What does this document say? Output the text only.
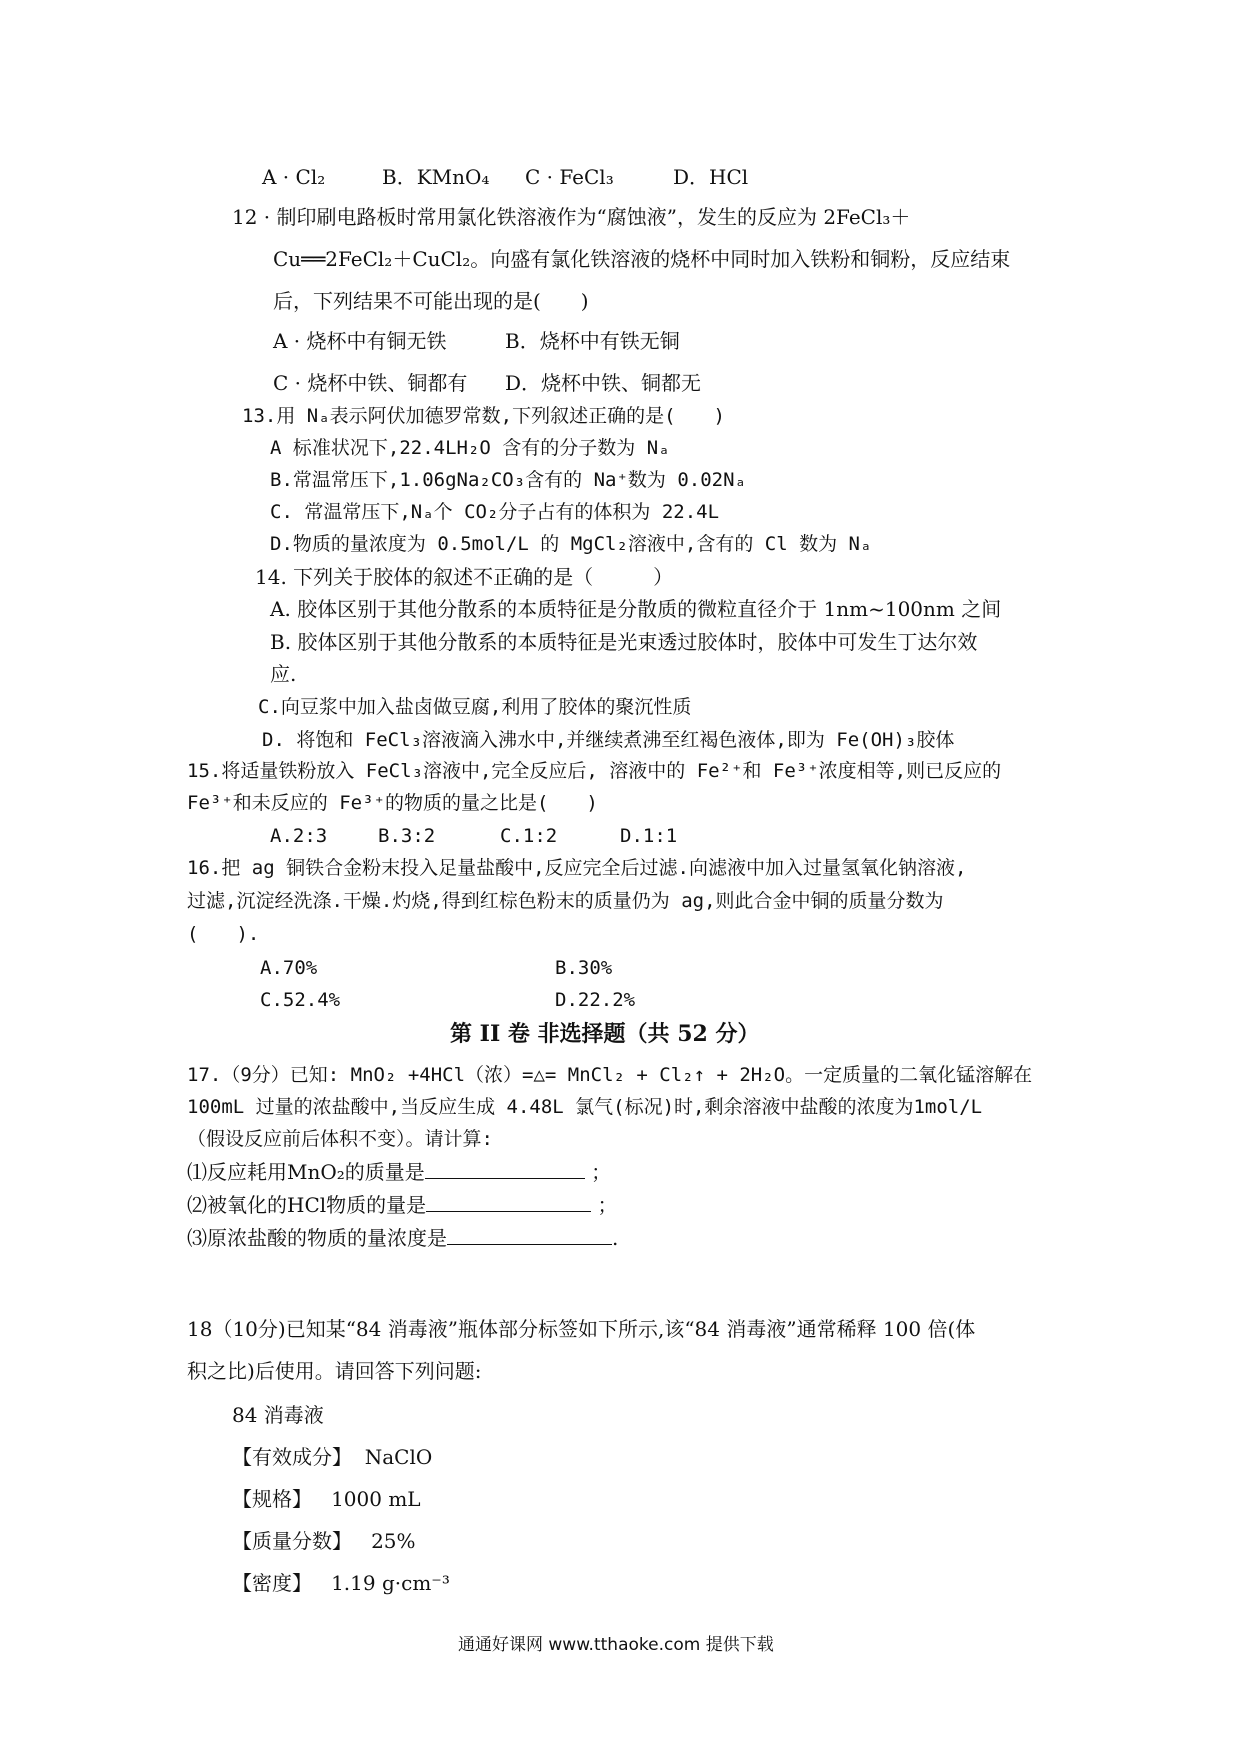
A · Cl₂	B．KMnO₄ C · FeCl₃	D．HCl
12 · 制印刷电路板时常用氯化铁溶液作为“腐蚀液”，发生的反应为 2FeCl₃＋
Cu══2FeCl₂＋CuCl₂。向盛有氯化铁溶液的烧杯中同时加入铁粉和铜粉，反应结束
后，下列结果不可能出现的是(　　)
A · 烧杯中有铜无铁	B．烧杯中有铁无铜
C · 烧杯中铁、铜都有 D．烧杯中铁、铜都无
13.用 Nₐ表示阿伏加德罗常数,下列叙述正确的是(　　)
A 标准状况下,22.4LH₂O 含有的分子数为 Nₐ
B.常温常压下,1.06gNa₂CO₃含有的 Na⁺数为 0.02Nₐ
C. 常温常压下,Nₐ个 CO₂分子占有的体积为 22.4L
D.物质的量浓度为 0.5mol/L 的 MgCl₂溶液中,含有的 Cl 数为 Nₐ
14. 下列关于胶体的叙述不正确的是（　　　）
A. 胶体区别于其他分散系的本质特征是分散质的微粒直径介于 1nm~100nm 之间
B. 胶体区别于其他分散系的本质特征是光束透过胶体时，胶体中可发生丁达尔效
应.
C.向豆浆中加入盐卤做豆腐,利用了胶体的聚沉性质
D. 将饱和 FeCl₃溶液滴入沸水中,并继续煮沸至红褐色液体,即为 Fe(OH)₃胶体
15.将适量铁粉放入 FeCl₃溶液中,完全反应后, 溶液中的 Fe²⁺和 Fe³⁺浓度相等,则已反应的
Fe³⁺和未反应的 Fe³⁺的物质的量之比是(　　)
A.2:3	B.3:2	C.1:2	D.1:1
16.把 ag 铜铁合金粉末投入足量盐酸中,反应完全后过滤.向滤液中加入过量氢氧化钠溶液,
过滤,沉淀经洗涤.干燥.灼烧,得到红棕色粉末的质量仍为 ag,则此合金中铜的质量分数为
(　　).
A.70%	B.30%
C.52.4%	D.22.2%
第 II 卷 非选择题（共 52 分）
17.（9分）已知: MnO₂ +4HCl（浓）=△= MnCl₂ + Cl₂↑ + 2H₂O。一定质量的二氧化锰溶解在
100mL 过量的浓盐酸中,当反应生成 4.48L 氯气(标况)时,剩余溶液中盐酸的浓度为1mol/L
（假设反应前后体积不变）。请计算:
⑴反应耗用MnO₂的质量是	；
⑵被氧化的HCl物质的量是	；
⑶原浓盐酸的物质的量浓度是	.
18（10分)已知某“84 消毒液”瓶体部分标签如下所示,该“84 消毒液”通常稀释 100 倍(体
积之比)后使用。请回答下列问题:
84 消毒液
【有效成分】 NaClO
【规格】 1000 mL
【质量分数】 25%
【密度】 1.19 g·cm⁻³
通通好课网 www.tthaoke.com 提供下载
